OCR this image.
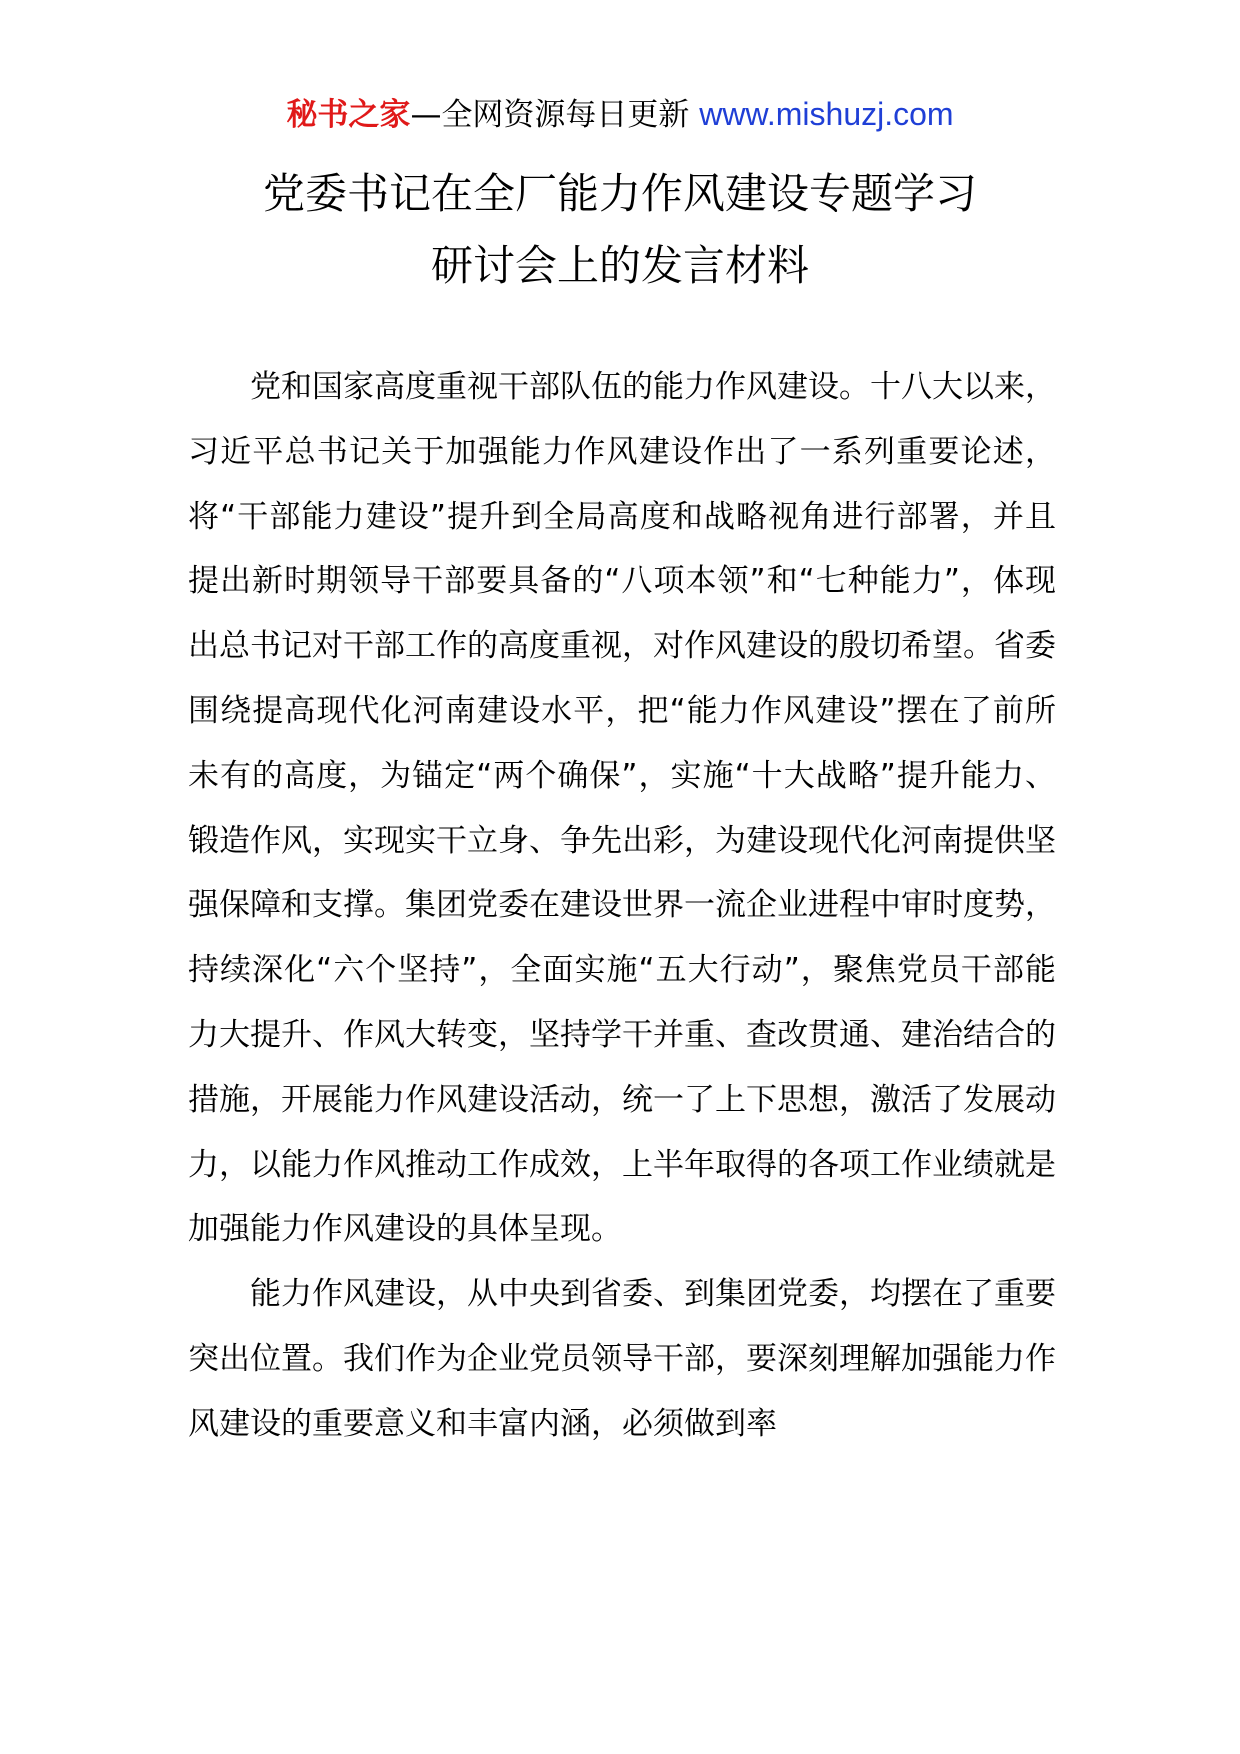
秘书之家—全网资源每日更新 www.mishuzj.com
党委书记在全厂能力作风建设专题学习
研讨会上的发言材料

党和国家高度重视干部队伍的能力作风建设。十八大以来，习近平总书记关于加强能力作风建设作出了一系列重要论述，将“干部能力建设”提升到全局高度和战略视角进行部署，并且提出新时期领导干部要具备的“八项本领”和“七种能力”，体现出总书记对干部工作的高度重视，对作风建设的殷切希望。省委围绕提高现代化河南建设水平，把“能力作风建设”摆在了前所未有的高度，为锚定“两个确保”，实施“十大战略”提升能力、锻造作风，实现实干立身、争先出彩，为建设现代化河南提供坚强保障和支撑。集团党委在建设世界一流企业进程中审时度势，持续深化“六个坚持”，全面实施“五大行动”，聚焦党员干部能力大提升、作风大转变，坚持学干并重、查改贯通、建治结合的措施，开展能力作风建设活动，统一了上下思想，激活了发展动力，以能力作风推动工作成效，上半年取得的各项工作业绩就是加强能力作风建设的具体呈现。

能力作风建设，从中央到省委、到集团党委，均摆在了重要突出位置。我们作为企业党员领导干部，要深刻理解加强能力作风建设的重要意义和丰富内涵，必须做到率
